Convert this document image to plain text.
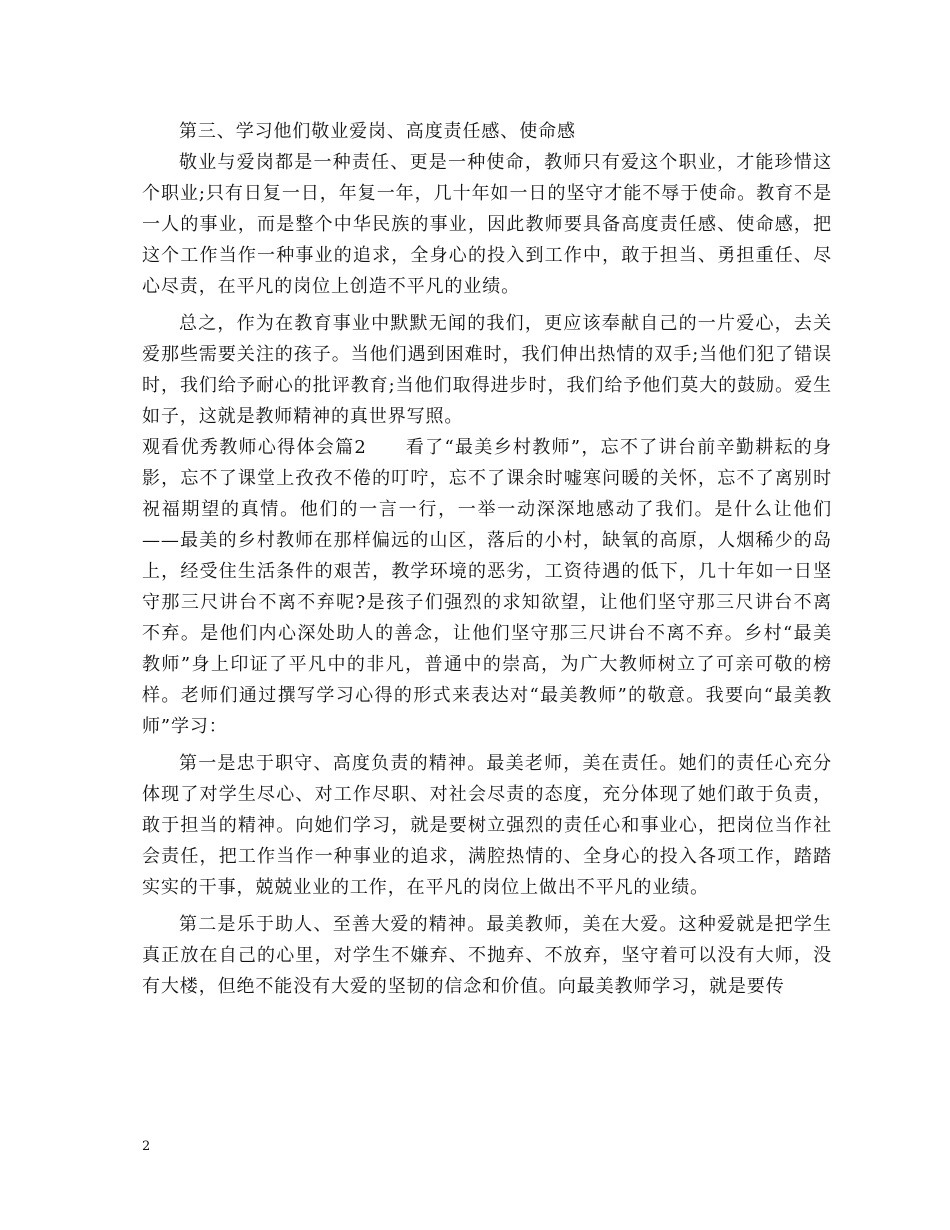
第三、学习他们敬业爱岗、高度责任感、使命感

敬业与爱岗都是一种责任、更是一种使命，教师只有爱这个职业，才能珍惜这个职业;只有日复一日，年复一年，几十年如一日的坚守才能不辱于使命。教育不是一人的事业，而是整个中华民族的事业，因此教师要具备高度责任感、使命感，把这个工作当作一种事业的追求，全身心的投入到工作中，敢于担当、勇担重任、尽心尽责，在平凡的岗位上创造不平凡的业绩。

总之，作为在教育事业中默默无闻的我们，更应该奉献自己的一片爱心，去关爱那些需要关注的孩子。当他们遇到困难时，我们伸出热情的双手;当他们犯了错误时，我们给予耐心的批评教育;当他们取得进步时，我们给予他们莫大的鼓励。爱生如子，这就是教师精神的真世界写照。

观看优秀教师心得体会篇2　　看了“最美乡村教师”，忘不了讲台前辛勤耕耘的身影，忘不了课堂上孜孜不倦的叮咛，忘不了课余时嘘寒问暖的关怀，忘不了离别时祝福期望的真情。他们的一言一行，一举一动深深地感动了我们。是什么让他们——最美的乡村教师在那样偏远的山区，落后的小村，缺氧的高原，人烟稀少的岛上，经受住生活条件的艰苦，教学环境的恶劣，工资待遇的低下，几十年如一日坚守那三尺讲台不离不弃呢?是孩子们强烈的求知欲望，让他们坚守那三尺讲台不离不弃。是他们内心深处助人的善念，让他们坚守那三尺讲台不离不弃。乡村“最美教师”身上印证了平凡中的非凡，普通中的崇高，为广大教师树立了可亲可敬的榜样。老师们通过撰写学习心得的形式来表达对“最美教师”的敬意。我要向“最美教师”学习：

第一是忠于职守、高度负责的精神。最美老师，美在责任。她们的责任心充分体现了对学生尽心、对工作尽职、对社会尽责的态度，充分体现了她们敢于负责，敢于担当的精神。向她们学习，就是要树立强烈的责任心和事业心，把岗位当作社会责任，把工作当作一种事业的追求，满腔热情的、全身心的投入各项工作，踏踏实实的干事，兢兢业业的工作，在平凡的岗位上做出不平凡的业绩。

第二是乐于助人、至善大爱的精神。最美教师，美在大爱。这种爱就是把学生真正放在自己的心里，对学生不嫌弃、不抛弃、不放弃，坚守着可以没有大师，没有大楼，但绝不能没有大爱的坚韧的信念和价值。向最美教师学习，就是要传

2
